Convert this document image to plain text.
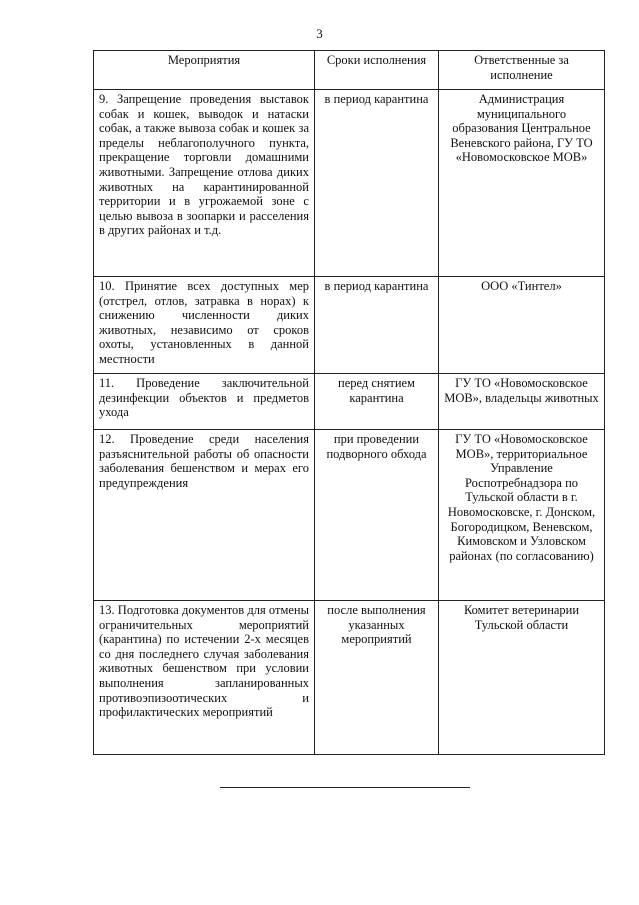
3
Мероприятия	Сроки исполнения	Ответственные за исполнение
9. Запрещение проведения выставок собак и кошек, выводок и натаски собак, а также вывоза собак и кошек за пределы неблагополучного пункта, прекращение торговли домашними животными. Запрещение отлова диких животных на карантинированной территории и в угрожаемой зоне с целью вывоза в зоопарки и расселения в других районах и т.д.	в период карантина	Администрация муниципального образования Центральное Веневского района, ГУ ТО «Новомосковское МОВ»
10. Принятие всех доступных мер (отстрел, отлов, затравка в норах) к снижению численности диких животных, независимо от сроков охоты, установленных в данной местности	в период карантина	ООО «Тинтел»
11. Проведение заключительной дезинфекции объектов и предметов ухода	перед снятием карантина	ГУ ТО «Новомосковское МОВ», владельцы животных
12. Проведение среди населения разъяснительной работы об опасности заболевания бешенством и мерах его предупреждения	при проведении подворного обхода	ГУ ТО «Новомосковское МОВ», территориальное Управление Роспотребнадзора по Тульской области в г. Новомосковске, г. Донском, Богородицком, Веневском, Кимовском и Узловском районах (по согласованию)
13. Подготовка документов для отмены ограничительных мероприятий (карантина) по истечении 2-х месяцев со дня последнего случая заболевания животных бешенством при условии выполнения запланированных противоэпизоотических и профилактических мероприятий	после выполнения указанных мероприятий	Комитет ветеринарии Тульской области
